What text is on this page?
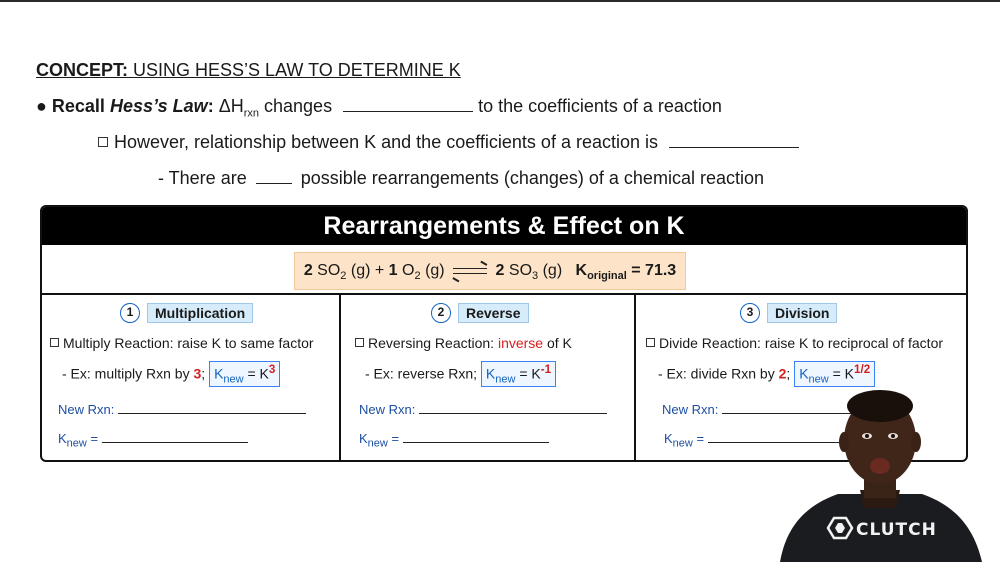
CONCEPT: USING HESS’S LAW TO DETERMINE K
● Recall Hess’s Law: $\Delta H_{rxn}$ changes	to the coefficients of a reaction
However, relationship between K and the coefficients of a reaction is
- There are	possible rearrangements (changes) of a chemical reaction
Rearrangements & Effect on K
2 $SO_2$ (g) + 1 $O_2$ (g) ⇌ 2 $SO_3$ (g) $K_{original} = 71.3$
1 Multiplication
Multiply Reaction: raise K to same factor
- Ex: multiply Rxn by 3; $K_{new} = K^3$
New Rxn:
$K_{new}$ =
2 Reverse
Reversing Reaction: inverse of K
- Ex: reverse Rxn; $K_{new} = K^{-1}$
New Rxn:
$K_{new}$ =
3 Division
Divide Reaction: raise K to reciprocal of factor
- Ex: divide Rxn by 2; $K_{new} = K^{1/2}$
New Rxn:
$K_{new}$ =
CLUTCH
